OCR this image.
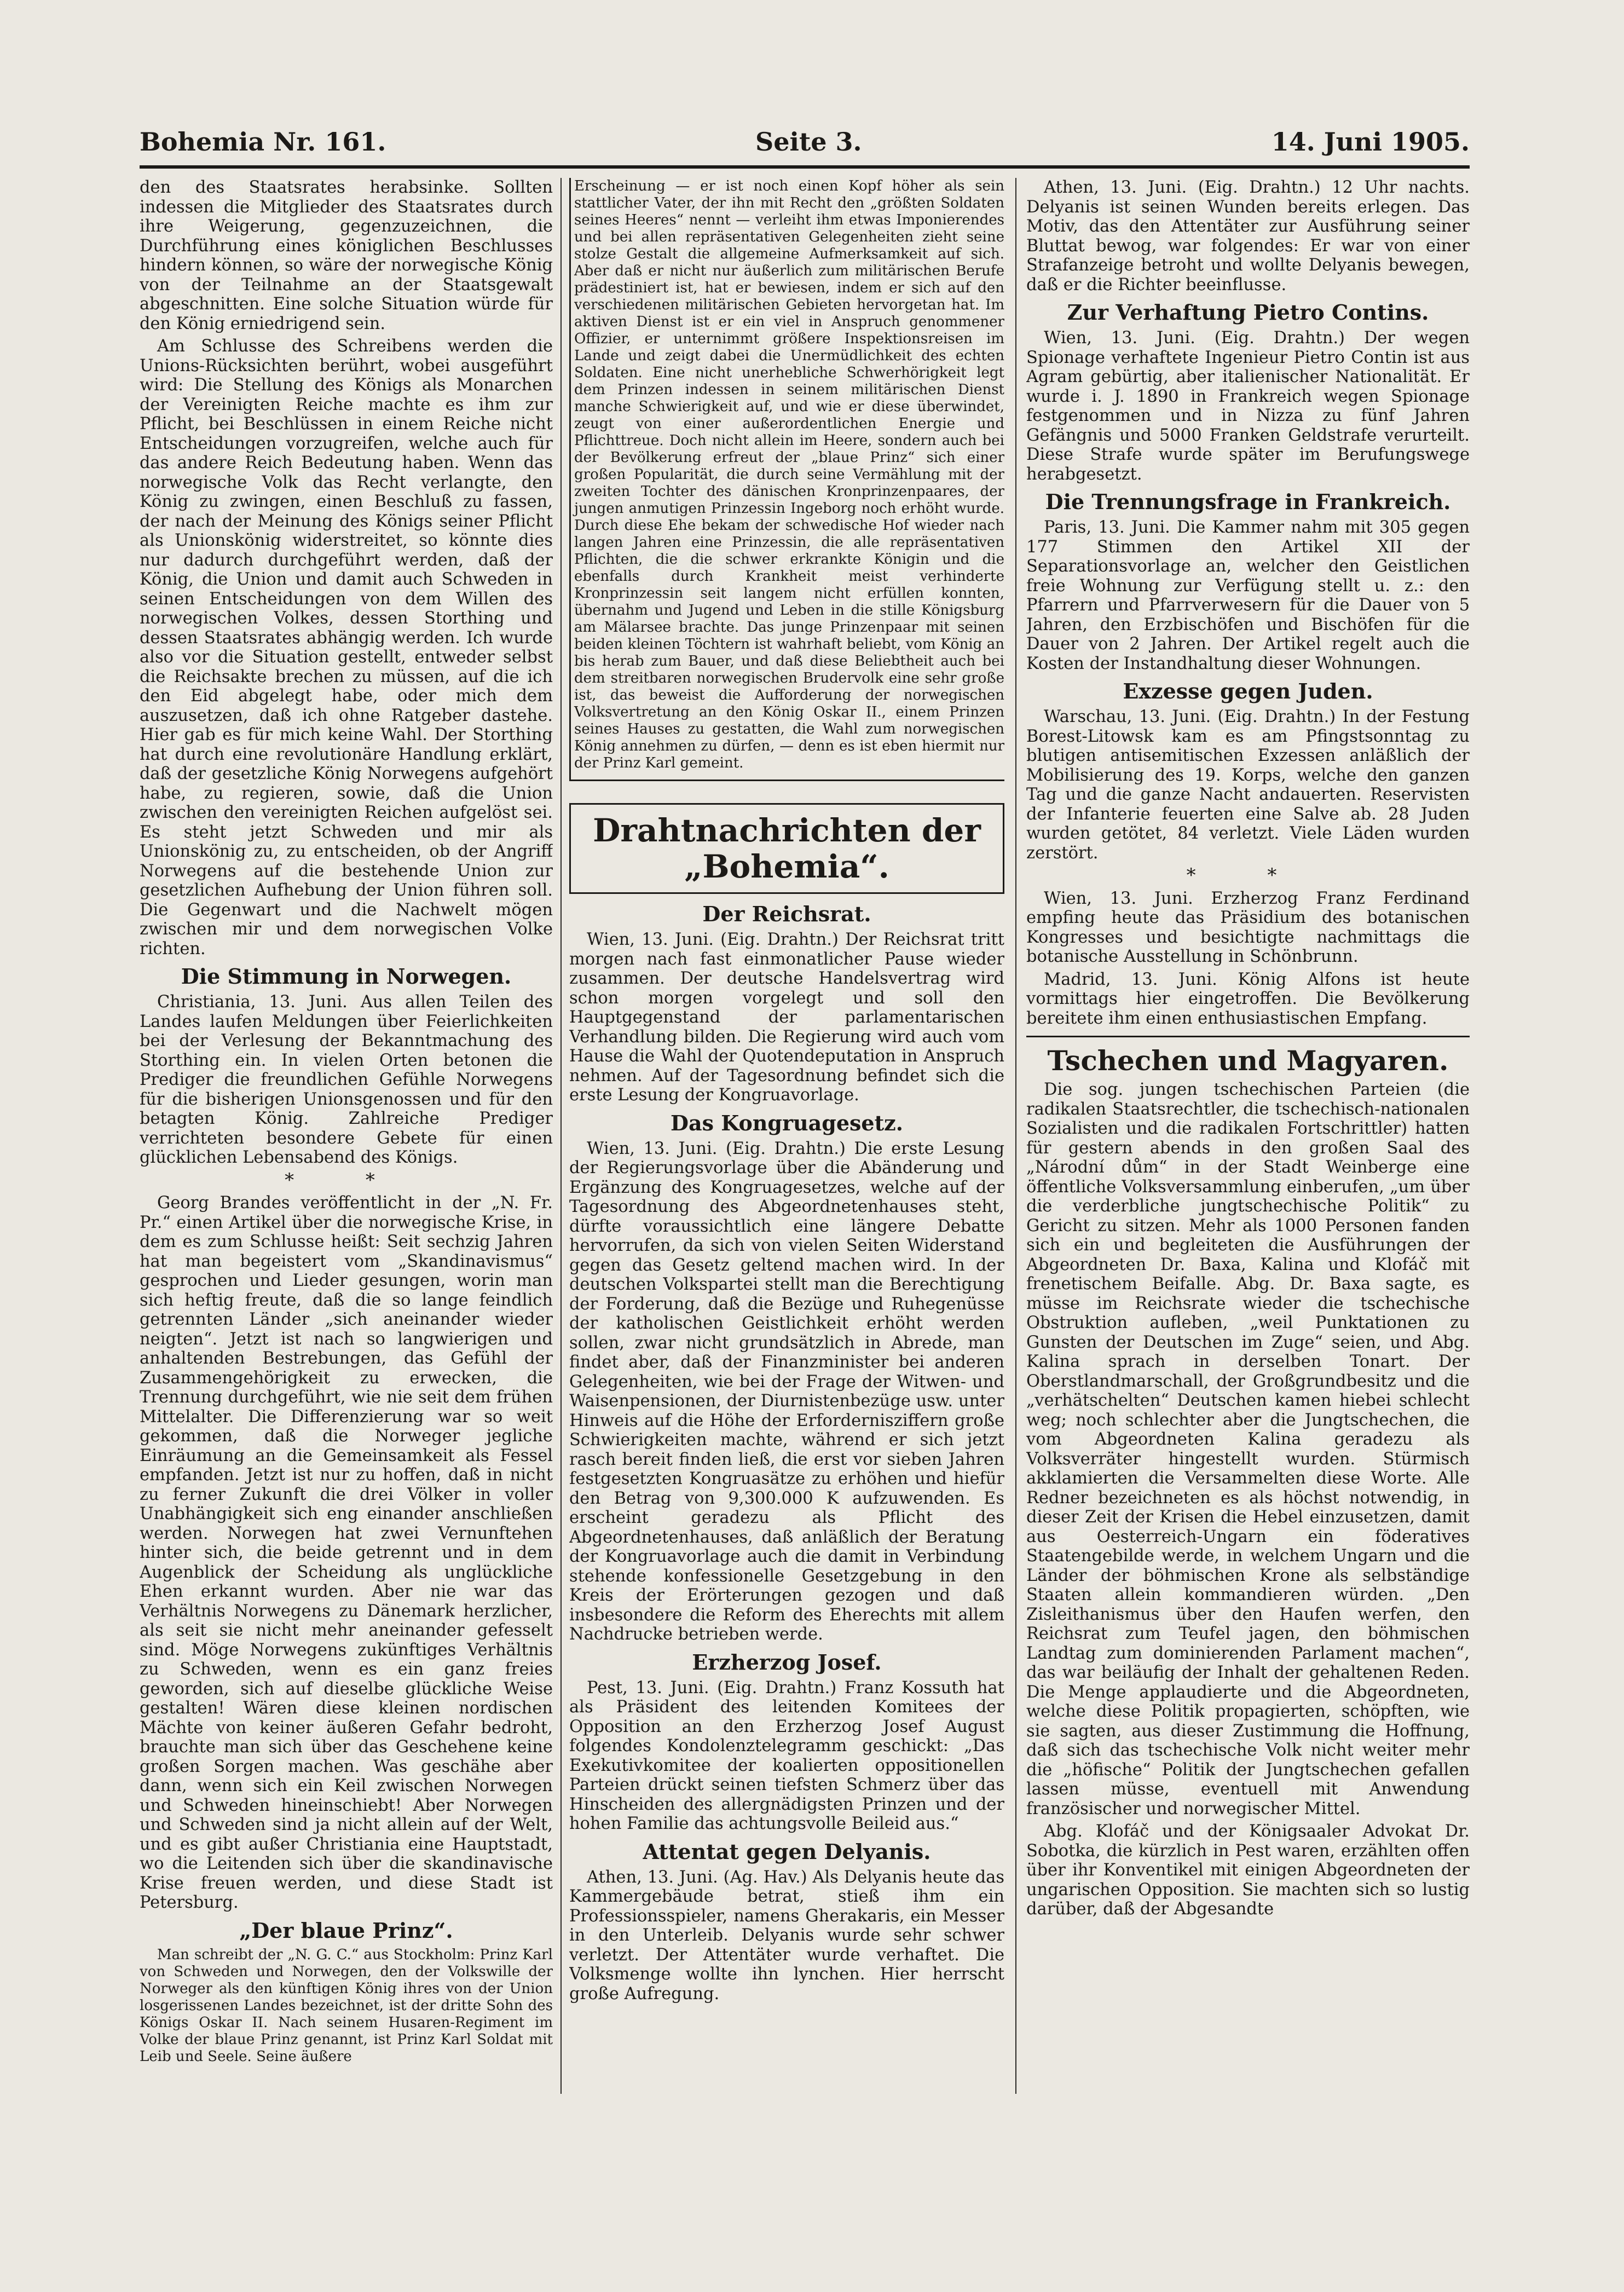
Bohemia Nr. 161.	Seite 3.	14. Juni 1905.

den des Staatsrates herabsinke. Sollten indessen die Mitglieder des Staatsrates durch ihre Weigerung, gegenzuzeichnen, die Durchführung eines königlichen Beschlusses hindern können, so wäre der norwegische König von der Teilnahme an der Staatsgewalt abgeschnitten. Eine solche Situation würde für den König erniedrigend sein.

Am Schlusse des Schreibens werden die Unions-Rücksichten berührt, wobei ausgeführt wird: Die Stellung des Königs als Monarchen der Vereinigten Reiche machte es ihm zur Pflicht, bei Beschlüssen in einem Reiche nicht Entscheidungen vorzugreifen, welche auch für das andere Reich Bedeutung haben. Wenn das norwegische Volk das Recht verlangte, den König zu zwingen, einen Beschluß zu fassen, der nach der Meinung des Königs seiner Pflicht als Unionskönig widerstreitet, so könnte dies nur dadurch durchgeführt werden, daß der König, die Union und damit auch Schweden in seinen Entscheidungen von dem Willen des norwegischen Volkes, dessen Storthing und dessen Staatsrates abhängig werden. Ich wurde also vor die Situation gestellt, entweder selbst die Reichsakte brechen zu müssen, auf die ich den Eid abgelegt habe, oder mich dem auszusetzen, daß ich ohne Ratgeber dastehe. Hier gab es für mich keine Wahl. Der Storthing hat durch eine revolutionäre Handlung erklärt, daß der gesetzliche König Norwegens aufgehört habe, zu regieren, sowie, daß die Union zwischen den vereinigten Reichen aufgelöst sei. Es steht jetzt Schweden und mir als Unionskönig zu, zu entscheiden, ob der Angriff Norwegens auf die bestehende Union zur gesetzlichen Aufhebung der Union führen soll. Die Gegenwart und die Nachwelt mögen zwischen mir und dem norwegischen Volke richten.

Die Stimmung in Norwegen.

Christiania, 13. Juni. Aus allen Teilen des Landes laufen Meldungen über Feierlichkeiten bei der Verlesung der Bekanntmachung des Storthing ein. In vielen Orten betonen die Prediger die freundlichen Gefühle Norwegens für die bisherigen Unionsgenossen und für den betagten König. Zahlreiche Prediger verrichteten besondere Gebete für einen glücklichen Lebensabend des Königs.

* *

Georg Brandes veröffentlicht in der „N. Fr. Pr.“ einen Artikel über die norwegische Krise, in dem es zum Schlusse heißt: Seit sechzig Jahren hat man begeistert vom „Skandinavismus“ gesprochen und Lieder gesungen, worin man sich heftig freute, daß die so lange feindlich getrennten Länder „sich aneinander wieder neigten“. Jetzt ist nach so langwierigen und anhaltenden Bestrebungen, das Gefühl der Zusammengehörigkeit zu erwecken, die Trennung durchgeführt, wie nie seit dem frühen Mittelalter. Die Differenzierung war so weit gekommen, daß die Norweger jegliche Einräumung an die Gemeinsamkeit als Fessel empfanden. Jetzt ist nur zu hoffen, daß in nicht zu ferner Zukunft die drei Völker in voller Unabhängigkeit sich eng einander anschließen werden. Norwegen hat zwei Vernunftehen hinter sich, die beide getrennt und in dem Augenblick der Scheidung als unglückliche Ehen erkannt wurden. Aber nie war das Verhältnis Norwegens zu Dänemark herzlicher, als seit sie nicht mehr aneinander gefesselt sind. Möge Norwegens zukünftiges Verhältnis zu Schweden, wenn es ein ganz freies geworden, sich auf dieselbe glückliche Weise gestalten! Wären diese kleinen nordischen Mächte von keiner äußeren Gefahr bedroht, brauchte man sich über das Geschehene keine großen Sorgen machen. Was geschähe aber dann, wenn sich ein Keil zwischen Norwegen und Schweden hineinschiebt! Aber Norwegen und Schweden sind ja nicht allein auf der Welt, und es gibt außer Christiania eine Hauptstadt, wo die Leitenden sich über die skandinavische Krise freuen werden, und diese Stadt ist Petersburg.

„Der blaue Prinz“.

Man schreibt der „N. G. C.“ aus Stockholm: Prinz Karl von Schweden und Norwegen, den der Volkswille der Norweger als den künftigen König ihres von der Union losgerissenen Landes bezeichnet, ist der dritte Sohn des Königs Oskar II. Nach seinem Husaren-Regiment im Volke der blaue Prinz genannt, ist Prinz Karl Soldat mit Leib und Seele. Seine äußere

Erscheinung — er ist noch einen Kopf höher als sein stattlicher Vater, der ihn mit Recht den „größten Soldaten seines Heeres“ nennt — verleiht ihm etwas Imponierendes und bei allen repräsentativen Gelegenheiten zieht seine stolze Gestalt die allgemeine Aufmerksamkeit auf sich. Aber daß er nicht nur äußerlich zum militärischen Berufe prädestiniert ist, hat er bewiesen, indem er sich auf den verschiedenen militärischen Gebieten hervorgetan hat. Im aktiven Dienst ist er ein viel in Anspruch genommener Offizier, er unternimmt größere Inspektionsreisen im Lande und zeigt dabei die Unermüdlichkeit des echten Soldaten. Eine nicht unerhebliche Schwerhörigkeit legt dem Prinzen indessen in seinem militärischen Dienst manche Schwierigkeit auf, und wie er diese überwindet, zeugt von einer außerordentlichen Energie und Pflichttreue. Doch nicht allein im Heere, sondern auch bei der Bevölkerung erfreut der „blaue Prinz“ sich einer großen Popularität, die durch seine Vermählung mit der zweiten Tochter des dänischen Kronprinzenpaares, der jungen anmutigen Prinzessin Ingeborg noch erhöht wurde. Durch diese Ehe bekam der schwedische Hof wieder nach langen Jahren eine Prinzessin, die alle repräsentativen Pflichten, die die schwer erkrankte Königin und die ebenfalls durch Krankheit meist verhinderte Kronprinzessin seit langem nicht erfüllen konnten, übernahm und Jugend und Leben in die stille Königsburg am Mälarsee brachte. Das junge Prinzenpaar mit seinen beiden kleinen Töchtern ist wahrhaft beliebt, vom König an bis herab zum Bauer, und daß diese Beliebtheit auch bei dem streitbaren norwegischen Brudervolk eine sehr große ist, das beweist die Aufforderung der norwegischen Volksvertretung an den König Oskar II., einem Prinzen seines Hauses zu gestatten, die Wahl zum norwegischen König annehmen zu dürfen, — denn es ist eben hiermit nur der Prinz Karl gemeint.

Drahtnachrichten der „Bohemia“.
Der Reichsrat.

Wien, 13. Juni. (Eig. Drahtn.) Der Reichsrat tritt morgen nach fast einmonatlicher Pause wieder zusammen. Der deutsche Handelsvertrag wird schon morgen vorgelegt und soll den Hauptgegenstand der parlamentarischen Verhandlung bilden. Die Regierung wird auch vom Hause die Wahl der Quotendeputation in Anspruch nehmen. Auf der Tagesordnung befindet sich die erste Lesung der Kongruavorlage.

Das Kongruagesetz.

Wien, 13. Juni. (Eig. Drahtn.) Die erste Lesung der Regierungsvorlage über die Abänderung und Ergänzung des Kongruagesetzes, welche auf der Tagesordnung des Abgeordnetenhauses steht, dürfte voraussichtlich eine längere Debatte hervorrufen, da sich von vielen Seiten Widerstand gegen das Gesetz geltend machen wird. In der deutschen Volkspartei stellt man die Berechtigung der Forderung, daß die Bezüge und Ruhegenüsse der katholischen Geistlichkeit erhöht werden sollen, zwar nicht grundsätzlich in Abrede, man findet aber, daß der Finanzminister bei anderen Gelegenheiten, wie bei der Frage der Witwen- und Waisenpensionen, der Diurnistenbezüge usw. unter Hinweis auf die Höhe der Erfordernisziffern große Schwierigkeiten machte, während er sich jetzt rasch bereit finden ließ, die erst vor sieben Jahren festgesetzten Kongruasätze zu erhöhen und hiefür den Betrag von 9,300.000 K aufzuwenden. Es erscheint geradezu als Pflicht des Abgeordnetenhauses, daß anläßlich der Beratung der Kongruavorlage auch die damit in Verbindung stehende konfessionelle Gesetzgebung in den Kreis der Erörterungen gezogen und daß insbesondere die Reform des Eherechts mit allem Nachdrucke betrieben werde.

Erzherzog Josef.

Pest, 13. Juni. (Eig. Drahtn.) Franz Kossuth hat als Präsident des leitenden Komitees der Opposition an den Erzherzog Josef August folgendes Kondolenztelegramm geschickt: „Das Exekutivkomitee der koalierten oppositionellen Parteien drückt seinen tiefsten Schmerz über das Hinscheiden des allergnädigsten Prinzen und der hohen Familie das achtungsvolle Beileid aus.“

Attentat gegen Delyanis.

Athen, 13. Juni. (Ag. Hav.) Als Delyanis heute das Kammergebäude betrat, stieß ihm ein Professionsspieler, namens Gherakaris, ein Messer in den Unterleib. Delyanis wurde sehr schwer verletzt. Der Attentäter wurde verhaftet. Die Volksmenge wollte ihn lynchen. Hier herrscht große Aufregung.

Athen, 13. Juni. (Eig. Drahtn.) 12 Uhr nachts. Delyanis ist seinen Wunden bereits erlegen. Das Motiv, das den Attentäter zur Ausführung seiner Bluttat bewog, war folgendes: Er war von einer Strafanzeige betroht und wollte Delyanis bewegen, daß er die Richter beeinflusse.

Zur Verhaftung Pietro Contins.

Wien, 13. Juni. (Eig. Drahtn.) Der wegen Spionage verhaftete Ingenieur Pietro Contin ist aus Agram gebürtig, aber italienischer Nationalität. Er wurde i. J. 1890 in Frankreich wegen Spionage festgenommen und in Nizza zu fünf Jahren Gefängnis und 5000 Franken Geldstrafe verurteilt. Diese Strafe wurde später im Berufungswege herabgesetzt.

Die Trennungsfrage in Frankreich.

Paris, 13. Juni. Die Kammer nahm mit 305 gegen 177 Stimmen den Artikel XII der Separationsvorlage an, welcher den Geistlichen freie Wohnung zur Verfügung stellt u. z.: den Pfarrern und Pfarrverwesern für die Dauer von 5 Jahren, den Erzbischöfen und Bischöfen für die Dauer von 2 Jahren. Der Artikel regelt auch die Kosten der Instandhaltung dieser Wohnungen.

Exzesse gegen Juden.

Warschau, 13. Juni. (Eig. Drahtn.) In der Festung Borest-Litowsk kam es am Pfingstsonntag zu blutigen antisemitischen Exzessen anläßlich der Mobilisierung des 19. Korps, welche den ganzen Tag und die ganze Nacht andauerten. Reservisten der Infanterie feuerten eine Salve ab. 28 Juden wurden getötet, 84 verletzt. Viele Läden wurden zerstört.

* *

Wien, 13. Juni. Erzherzog Franz Ferdinand empfing heute das Präsidium des botanischen Kongresses und besichtigte nachmittags die botanische Ausstellung in Schönbrunn.

Madrid, 13. Juni. König Alfons ist heute vormittags hier eingetroffen. Die Bevölkerung bereitete ihm einen enthusiastischen Empfang.

Tschechen und Magyaren.

Die sog. jungen tschechischen Parteien (die radikalen Staatsrechtler, die tschechisch-nationalen Sozialisten und die radikalen Fortschrittler) hatten für gestern abends in den großen Saal des „Národní dům“ in der Stadt Weinberge eine öffentliche Volksversammlung einberufen, „um über die verderbliche jungtschechische Politik“ zu Gericht zu sitzen. Mehr als 1000 Personen fanden sich ein und begleiteten die Ausführungen der Abgeordneten Dr. Baxa, Kalina und Klofáč mit frenetischem Beifalle. Abg. Dr. Baxa sagte, es müsse im Reichsrate wieder die tschechische Obstruktion aufleben, „weil Punktationen zu Gunsten der Deutschen im Zuge“ seien, und Abg. Kalina sprach in derselben Tonart. Der Oberstlandmarschall, der Großgrundbesitz und die „verhätschelten“ Deutschen kamen hiebei schlecht weg; noch schlechter aber die Jungtschechen, die vom Abgeordneten Kalina geradezu als Volksverräter hingestellt wurden. Stürmisch akklamierten die Versammelten diese Worte. Alle Redner bezeichneten es als höchst notwendig, in dieser Zeit der Krisen die Hebel einzusetzen, damit aus Oesterreich-Ungarn ein föderatives Staatengebilde werde, in welchem Ungarn und die Länder der böhmischen Krone als selbständige Staaten allein kommandieren würden. „Den Zisleithanismus über den Haufen werfen, den Reichsrat zum Teufel jagen, den böhmischen Landtag zum dominierenden Parlament machen“, das war beiläufig der Inhalt der gehaltenen Reden. Die Menge applaudierte und die Abgeordneten, welche diese Politik propagierten, schöpften, wie sie sagten, aus dieser Zustimmung die Hoffnung, daß sich das tschechische Volk nicht weiter mehr die „höfische“ Politik der Jungtschechen gefallen lassen müsse, eventuell mit Anwendung französischer und norwegischer Mittel.

Abg. Klofáč und der Königsaaler Advokat Dr. Sobotka, die kürzlich in Pest waren, erzählten offen über ihr Konventikel mit einigen Abgeordneten der ungarischen Opposition. Sie machten sich so lustig darüber, daß der Abgesandte
